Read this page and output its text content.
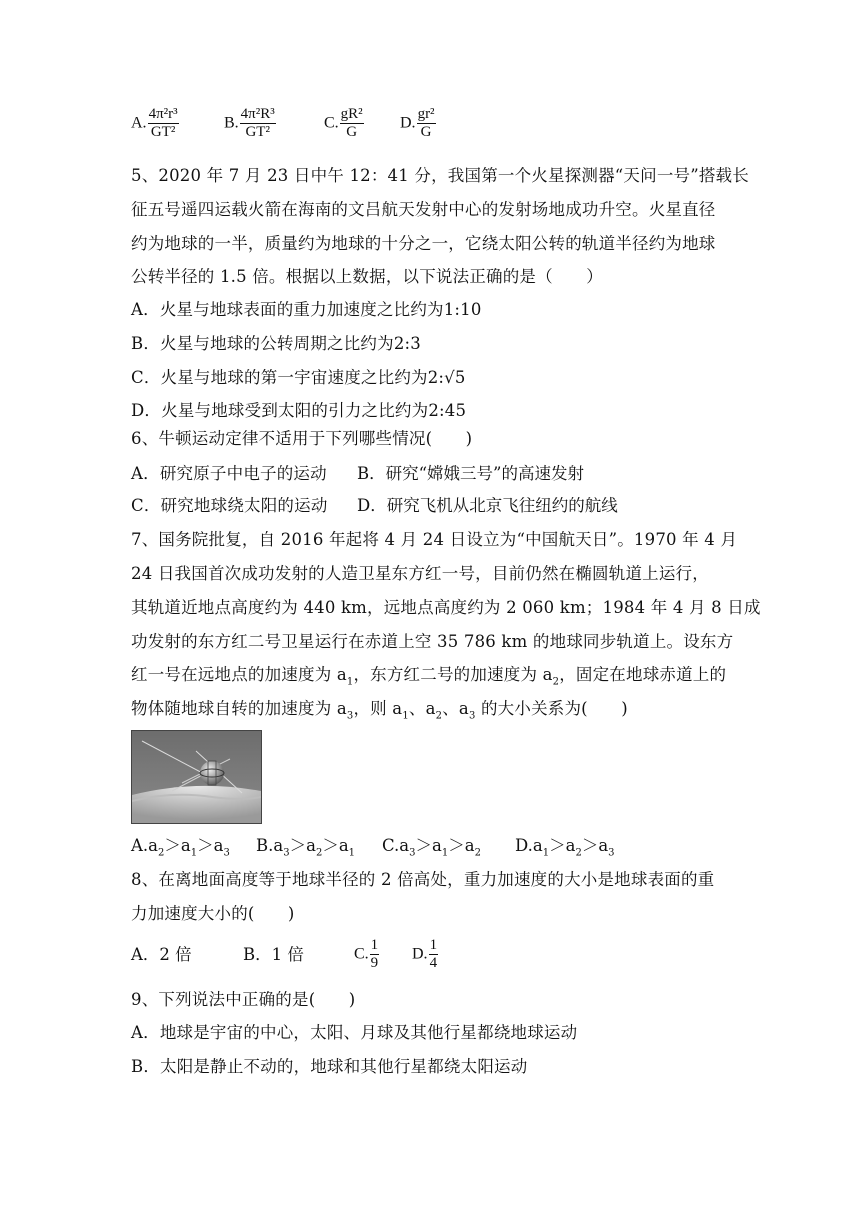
A. $\frac{\text{4π²r³}}{\text{GT²}}$	B. $\frac{\text{4π²R³}}{\text{GT²}}$	C. $\frac{\text{gR²}}{G} D$. $\frac{\text{gr²}}{G}$
5、2020 年 7 月 23 日中午 12：41 分，我国第一个火星探测器“天问一号”搭载长
征五号遥四运载火箭在海南的文吕航天发射中心的发射场地成功升空。火星直径
约为地球的一半，质量约为地球的十分之一，它绕太阳公转的轨道半径约为地球
公转半径的 1.5 倍。根据以上数据，以下说法正确的是（　　）
A．火星与地球表面的重力加速度之比约为1:10
B．火星与地球的公转周期之比约为2:3
C．火星与地球的第一宇宙速度之比约为2:√5
D．火星与地球受到太阳的引力之比约为2:45
6、牛顿运动定律不适用于下列哪些情况(　　)
A．研究原子中电子的运动 B．研究“嫦娥三号”的高速发射
C．研究地球绕太阳的运动 D．研究飞机从北京飞往纽约的航线
7、国务院批复，自 2016 年起将 4 月 24 日设立为“中国航天日”。1970 年 4 月
24 日我国首次成功发射的人造卫星东方红一号，目前仍然在椭圆轨道上运行，
其轨道近地点高度约为 440 km，远地点高度约为 2 060 km；1984 年 4 月 8 日成
功发射的东方红二号卫星运行在赤道上空 35 786 km 的地球同步轨道上。设东方
红一号在远地点的加速度为 $a_1$，东方红二号的加速度为 $a_2$，固定在地球赤道上的
物体随地球自转的加速度为 $a_3$，则 $a_1$、$a_2$、$a_3$ 的大小关系为(　　)
$A.a_2>a_1>a_3$ $B.a_3>a_2>a_1$ $C.a_3>a_1>a_2$ $D.a_1>a_2>a_3$
8、在离地面高度等于地球半径的 2 倍高处，重力加速度的大小是地球表面的重
力加速度大小的(　　)
A．2 倍	B．1 倍	C. $\frac{1}{9} D$. $\frac{1}{4}$
9、下列说法中正确的是(　　)
A．地球是宇宙的中心，太阳、月球及其他行星都绕地球运动
B．太阳是静止不动的，地球和其他行星都绕太阳运动
